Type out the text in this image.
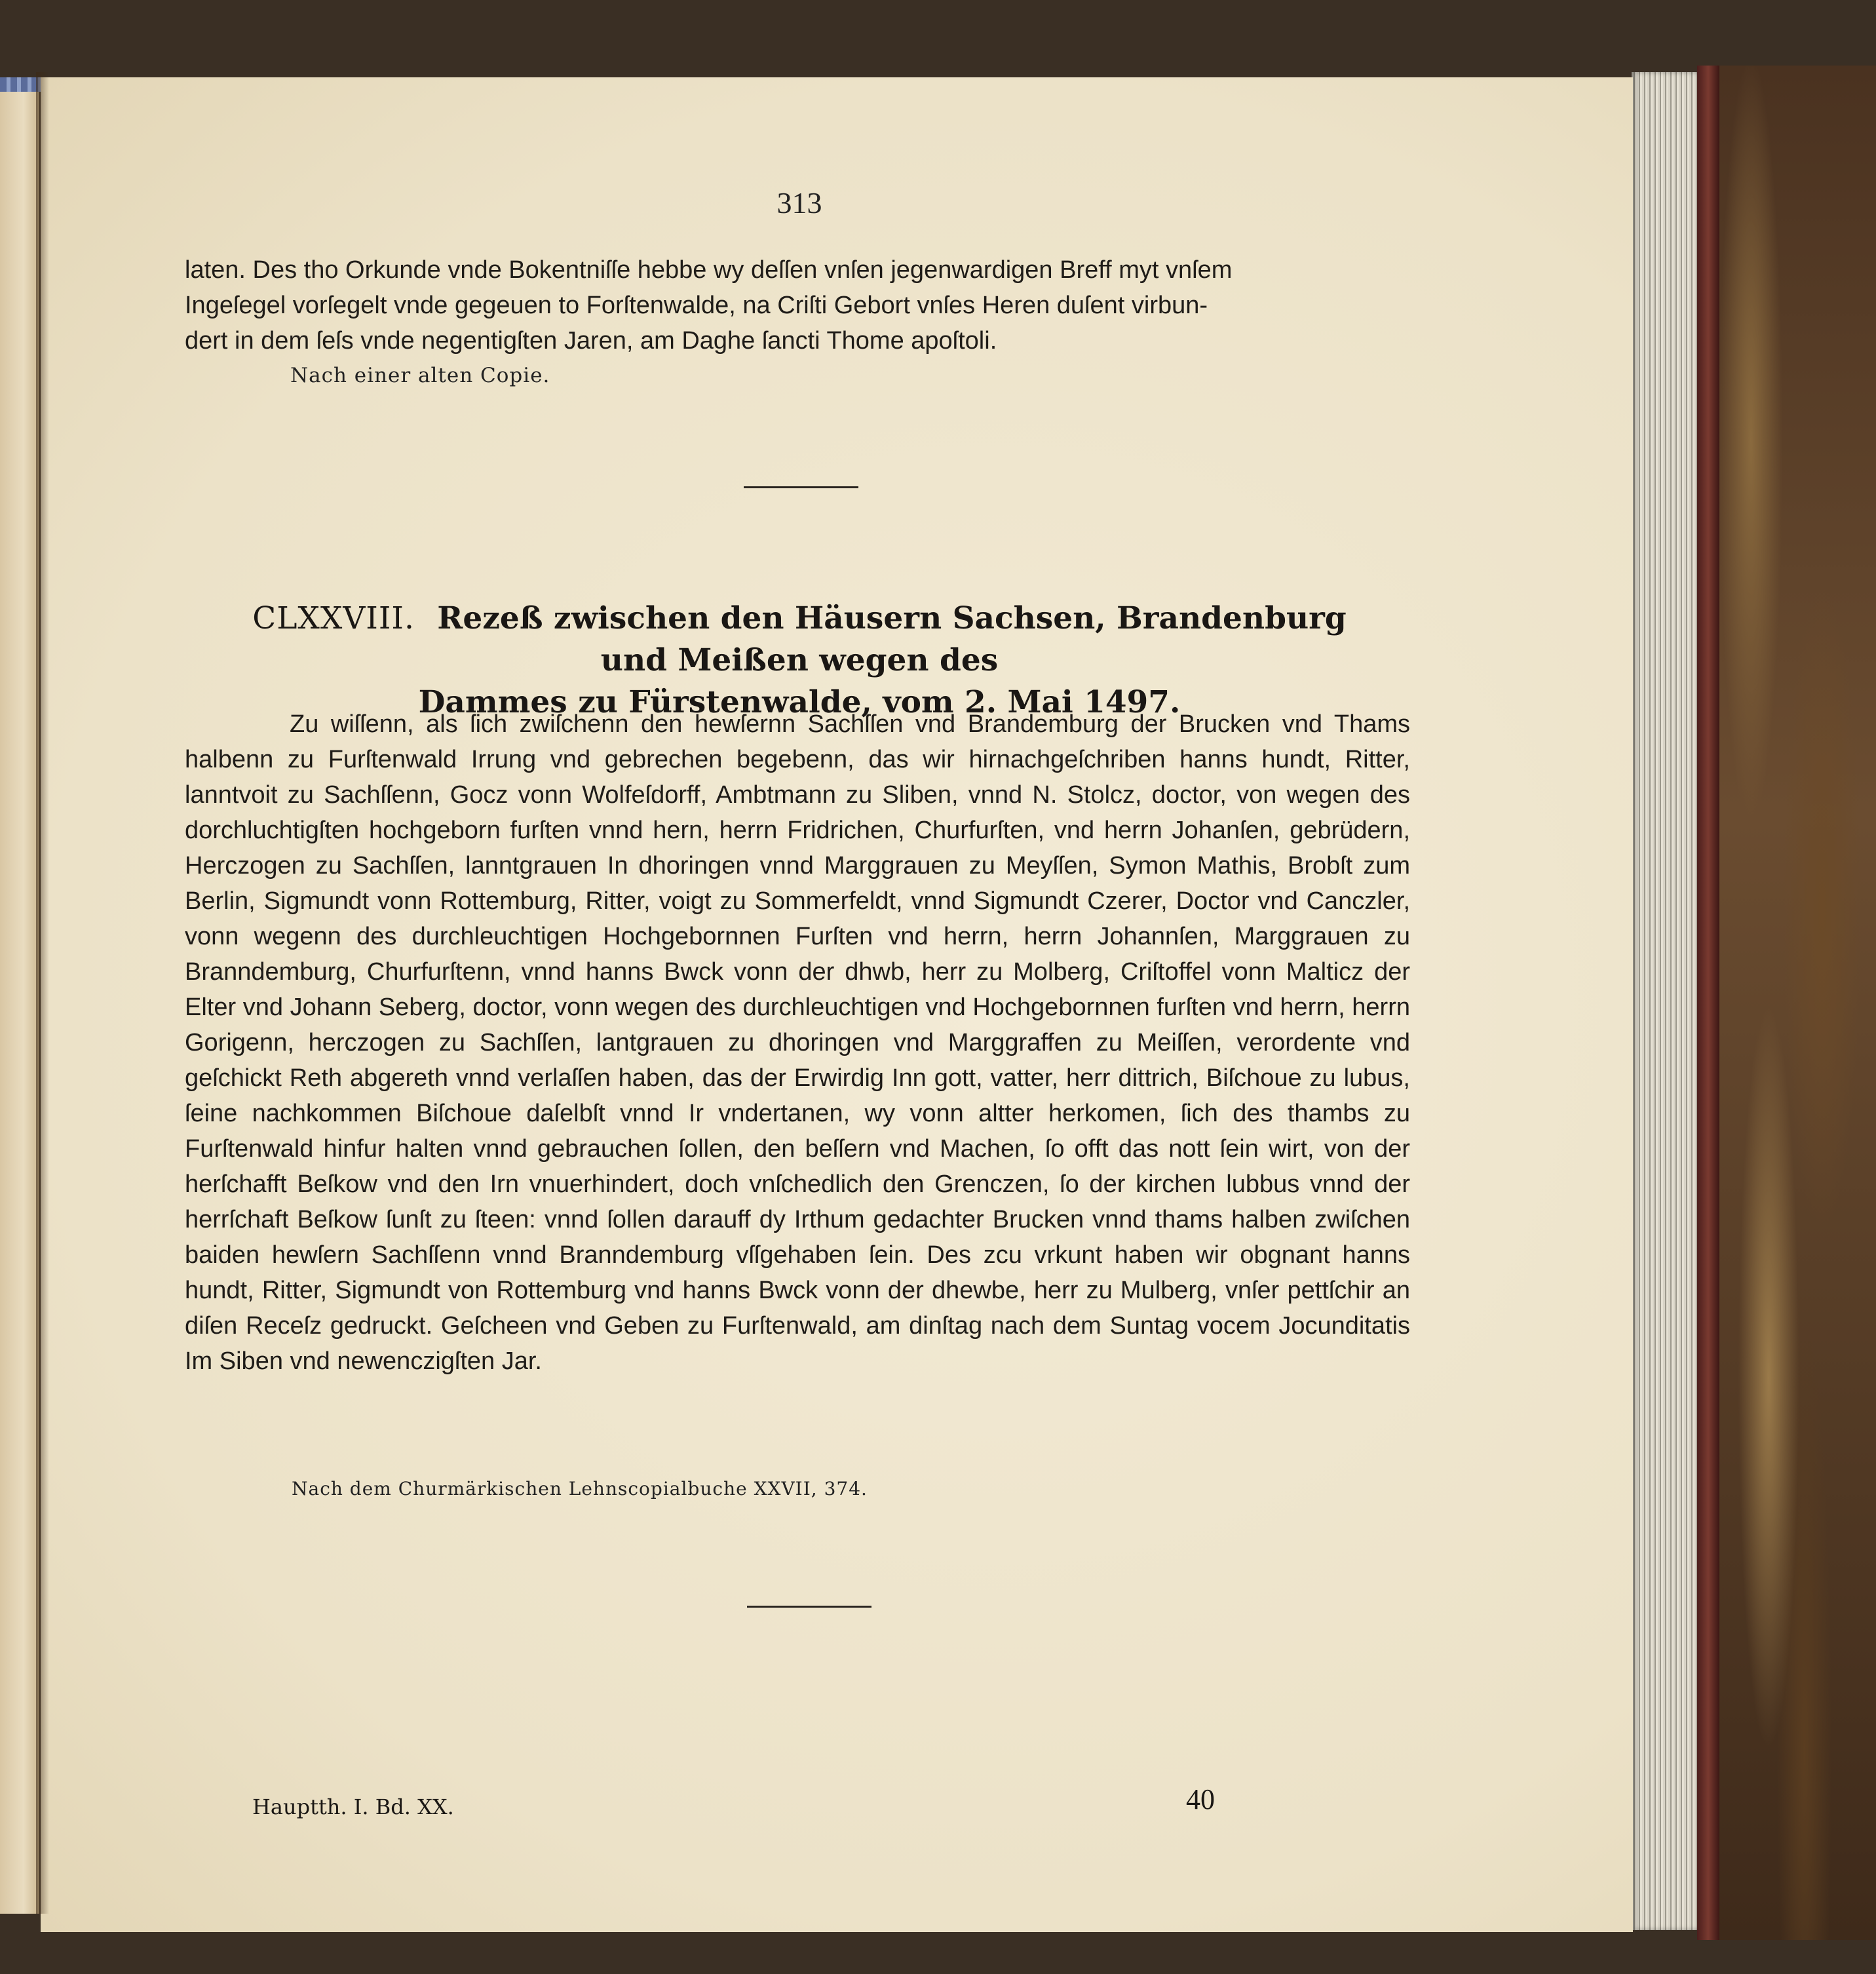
313

laten. Des tho Orkunde vnde Bokentniſſe hebbe wy deſſen vnſen jegenwardigen Breff myt vnſem

Ingeſegel vorſegelt vnde gegeuen to Forſtenwalde, na Criſti Gebort vnſes Heren duſent virbun-

dert in dem ſeſs vnde negentigſten Jaren, am Daghe ſancti Thome apoſtoli.

Nach einer alten Copie.
CLXXVIII. Rezeß zwischen den Häusern Sachsen, Brandenburg und Meißen wegen des
Dammes zu Fürstenwalde, vom 2. Mai 1497.

Zu wiſſenn, als ſich zwiſchenn den hewſernn Sachſſen vnd Brandemburg der Brucken vnd Thams halbenn zu Furſtenwald Irrung vnd gebrechen begebenn, das wir hirnachgeſchriben hanns hundt, Ritter, lanntvoit zu Sachſſenn, Gocz vonn Wolfeſdorff, Ambtmann zu Sliben, vnnd N. Stolcz, doctor, von wegen des dorchluchtigſten hochgeborn furſten vnnd hern, herrn Fridrichen, Churfurſten, vnd herrn Johanſen, gebrüdern, Herczogen zu Sachſſen, lanntgrauen In dhoringen vnnd Marggrauen zu Meyſſen, Symon Mathis, Brobſt zum Berlin, Sigmundt vonn Rottemburg, Ritter, voigt zu Sommerfeldt, vnnd Sigmundt Czerer, Doctor vnd Canczler, vonn wegenn des durchleuchtigen Hochgebornnen Furſten vnd herrn, herrn Johannſen, Marggrauen zu Branndemburg, Churfurſtenn, vnnd hanns Bwck vonn der dhwb, herr zu Molberg, Criſtoffel vonn Malticz der Elter vnd Johann Seberg, doctor, vonn wegen des durchleuchtigen vnd Hochgebornnen furſten vnd herrn, herrn Gorigenn, herczogen zu Sachſſen, lantgrauen zu dhoringen vnd Marggraffen zu Meiſſen, verordente vnd geſchickt Reth abgereth vnnd verlaſſen haben, das der Erwirdig Inn gott, vatter, herr dittrich, Biſchoue zu lubus, ſeine nachkommen Biſchoue daſelbſt vnnd Ir vndertanen, wy vonn altter herkomen, ſich des thambs zu Furſtenwald hinfur halten vnnd gebrauchen ſollen, den beſſern vnd Machen, ſo offt das nott ſein wirt, von der herſchafft Beſkow vnd den Irn vnuerhindert, doch vnſchedlich den Grenczen, ſo der kirchen lubbus vnnd der herrſchaft Beſkow ſunſt zu ſteen: vnnd ſollen darauff dy Irthum gedachter Brucken vnnd thams halben zwiſchen baiden hewſern Sachſſenn vnnd Branndemburg vſſgehaben ſein. Des zcu vrkunt haben wir obgnant hanns hundt, Ritter, Sigmundt von Rottemburg vnd hanns Bwck vonn der dhewbe, herr zu Mulberg, vnſer pettſchir an diſen Receſz gedruckt. Geſcheen vnd Geben zu Furſtenwald, am dinſtag nach dem Suntag vocem Jocunditatis Im Siben vnd newenczigſten Jar.

Nach dem Churmärkischen Lehnscopialbuche XXVII, 374.
Hauptth. I. Bd. XX.	40
